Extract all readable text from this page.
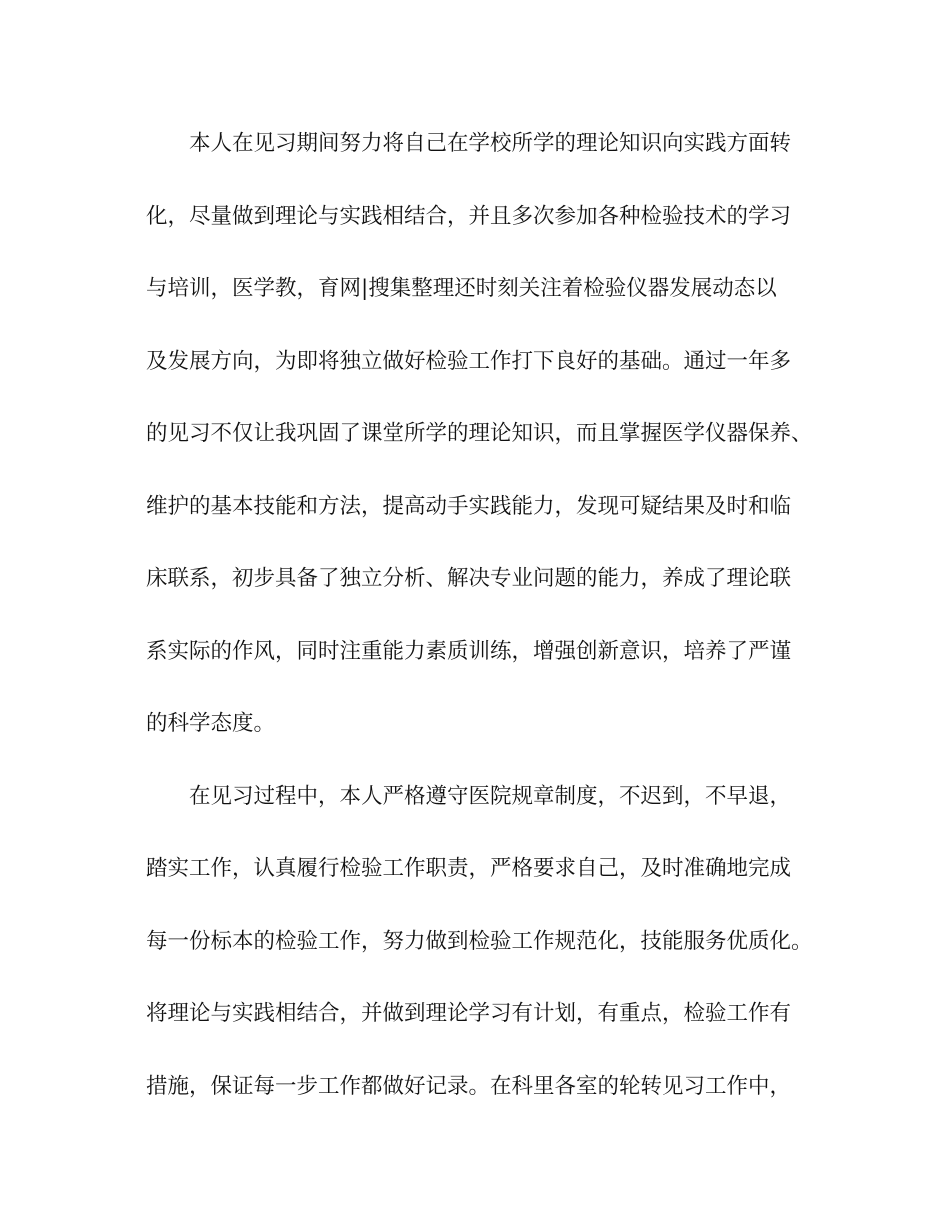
本人在见习期间努力将自己在学校所学的理论知识向实践方面转
化，尽量做到理论与实践相结合，并且多次参加各种检验技术的学习
与培训，医学教，育网|搜集整理还时刻关注着检验仪器发展动态以
及发展方向，为即将独立做好检验工作打下良好的基础。通过一年多
的见习不仅让我巩固了课堂所学的理论知识，而且掌握医学仪器保养、
维护的基本技能和方法，提高动手实践能力，发现可疑结果及时和临
床联系，初步具备了独立分析、解决专业问题的能力，养成了理论联
系实际的作风，同时注重能力素质训练，增强创新意识，培养了严谨
的科学态度。
在见习过程中，本人严格遵守医院规章制度，不迟到，不早退，
踏实工作，认真履行检验工作职责，严格要求自己，及时准确地完成
每一份标本的检验工作，努力做到检验工作规范化，技能服务优质化。
将理论与实践相结合，并做到理论学习有计划，有重点，检验工作有
措施，保证每一步工作都做好记录。在科里各室的轮转见习工作中，
